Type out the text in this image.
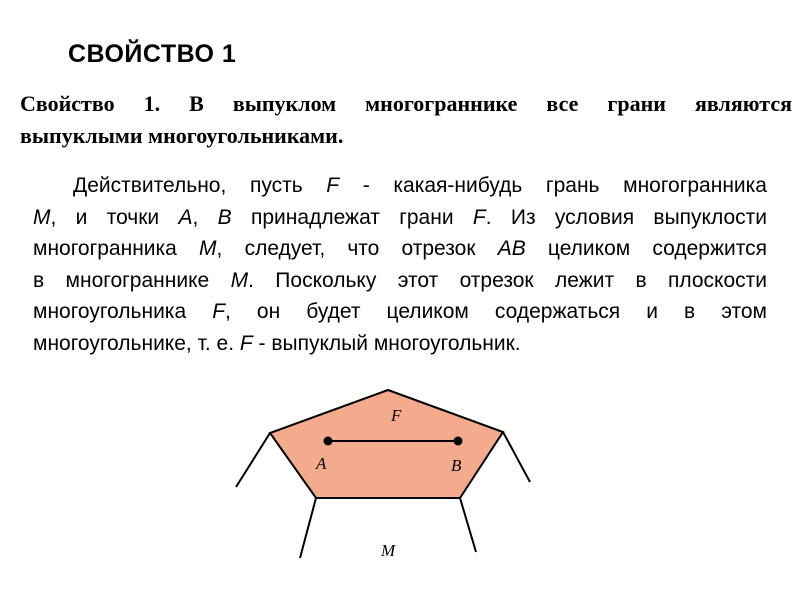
СВОЙСТВО 1
Свойство 1. В выпуклом многограннике все грани являются
выпуклыми многоугольниками.
Действительно, пусть F - какая-нибудь грань многогранника
M, и точки A, B принадлежат грани F. Из условия выпуклости
многогранника M, следует, что отрезок AB целиком содержится
в многограннике M. Поскольку этот отрезок лежит в плоскости
многоугольника F, он будет целиком содержаться и в этом
многоугольнике, т. е. F - выпуклый многоугольник.
F
A	B
M
